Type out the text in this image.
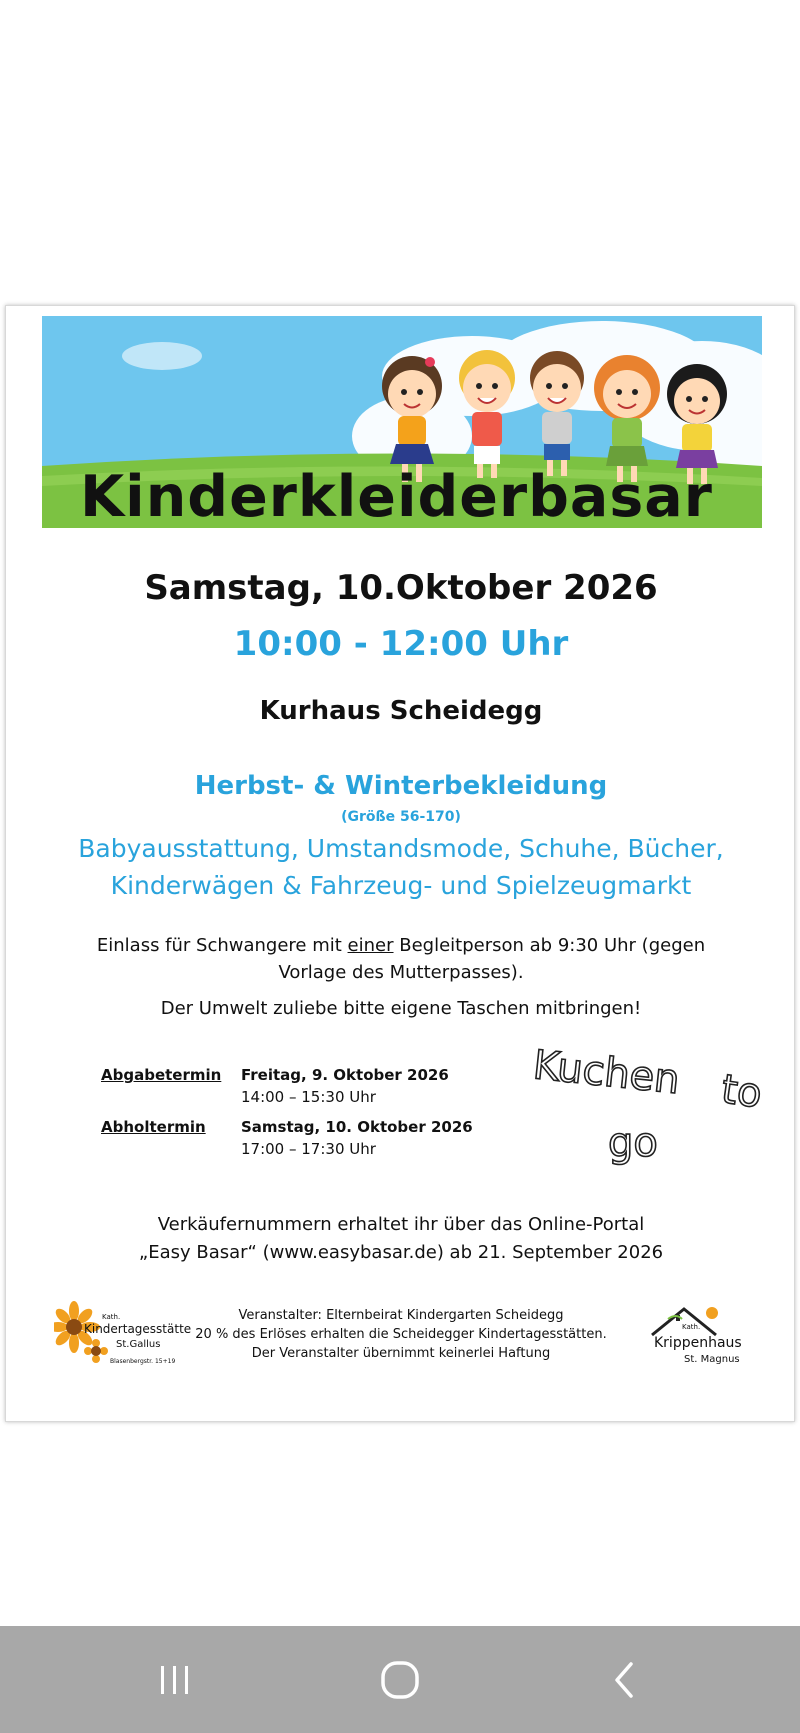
Kinderkleiderbasar
Samstag, 10.Oktober 2026
10:00 - 12:00 Uhr
Kurhaus Scheidegg
Herbst- & Winterbekleidung
(Größe 56-170)
Babyausstattung, Umstandsmode, Schuhe, Bücher,
Kinderwägen & Fahrzeug- und Spielzeugmarkt
Einlass für Schwangere mit einer Begleitperson ab 9:30 Uhr (gegen
Vorlage des Mutterpasses).
Der Umwelt zuliebe bitte eigene Taschen mitbringen!
Abgabetermin Freitag, 9. Oktober 2026
14:00 – 15:30 Uhr
Abholtermin Samstag, 10. Oktober 2026
17:00 – 17:30 Uhr
Kuchen to
go
Verkäufernummern erhaltet ihr über das Online-Portal
„Easy Basar“ (www.easybasar.de) ab 21. September 2026
Kath.
Kindertagesstätte
St.Gallus
Blasenbergstr. 15+19
Veranstalter: Elternbeirat Kindergarten Scheidegg
20 % des Erlöses erhalten die Scheidegger Kindertagesstätten.
Der Veranstalter übernimmt keinerlei Haftung
Kath.
Krippenhaus
St. Magnus
